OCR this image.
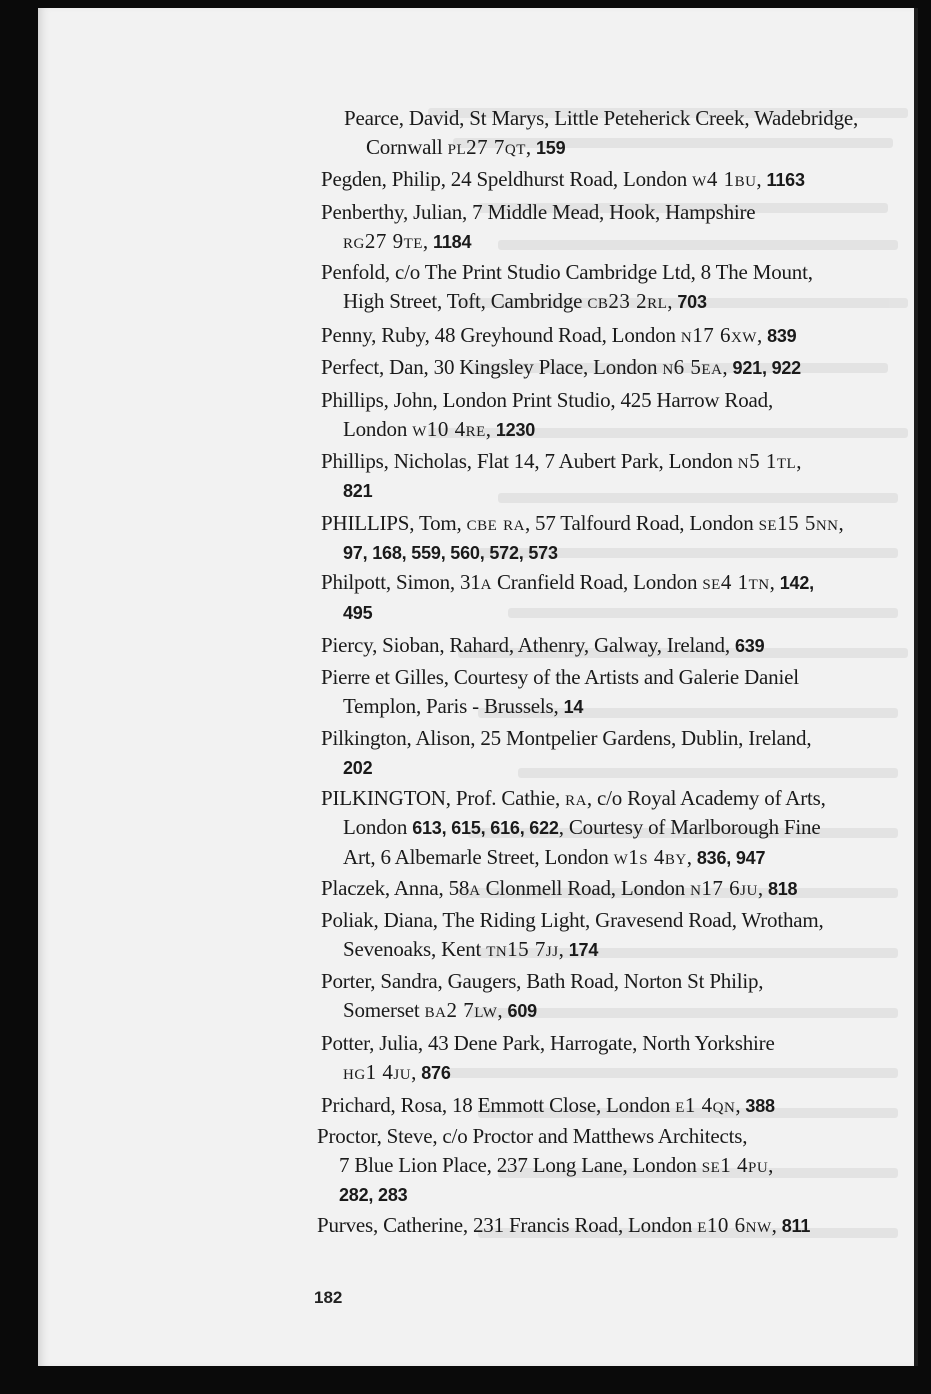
Pearce, David, St Marys, Little Peteherick Creek, Wadebridge,
Cornwall pl27 7qt, 159
Pegden, Philip, 24 Speldhurst Road, London w4 1bu, 1163
Penberthy, Julian, 7 Middle Mead, Hook, Hampshire
rg27 9te, 1184
Penfold, c/o The Print Studio Cambridge Ltd, 8 The Mount,
High Street, Toft, Cambridge cb23 2rl, 703
Penny, Ruby, 48 Greyhound Road, London n17 6xw, 839
Perfect, Dan, 30 Kingsley Place, London n6 5ea, 921, 922
Phillips, John, London Print Studio, 425 Harrow Road,
London w10 4re, 1230
Phillips, Nicholas, Flat 14, 7 Aubert Park, London n5 1tl,
821
PHILLIPS, Tom, cbe ra, 57 Talfourd Road, London se15 5nn,
97, 168, 559, 560, 572, 573
Philpott, Simon, 31a Cranfield Road, London se4 1tn, 142,
495
Piercy, Sioban, Rahard, Athenry, Galway, Ireland, 639
Pierre et Gilles, Courtesy of the Artists and Galerie Daniel
Templon, Paris - Brussels, 14
Pilkington, Alison, 25 Montpelier Gardens, Dublin, Ireland,
202
PILKINGTON, Prof. Cathie, ra, c/o Royal Academy of Arts,
London 613, 615, 616, 622, Courtesy of Marlborough Fine
Art, 6 Albemarle Street, London w1s 4by, 836, 947
Placzek, Anna, 58a Clonmell Road, London n17 6ju, 818
Poliak, Diana, The Riding Light, Gravesend Road, Wrotham,
Sevenoaks, Kent tn15 7jj, 174
Porter, Sandra, Gaugers, Bath Road, Norton St Philip,
Somerset ba2 7lw, 609
Potter, Julia, 43 Dene Park, Harrogate, North Yorkshire
hg1 4ju, 876
Prichard, Rosa, 18 Emmott Close, London e1 4qn, 388
Proctor, Steve, c/o Proctor and Matthews Architects,
7 Blue Lion Place, 237 Long Lane, London se1 4pu,
282, 283
Purves, Catherine, 231 Francis Road, London e10 6nw, 811
182
